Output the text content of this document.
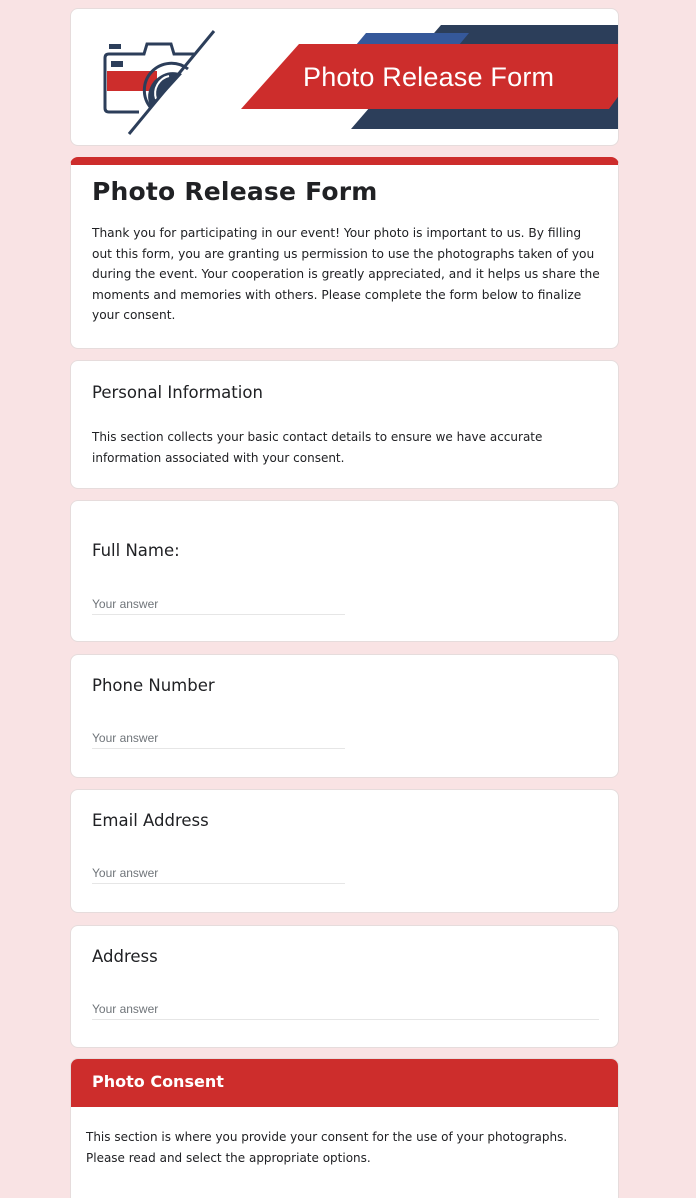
Photo Release Form
Photo Release Form

Thank you for participating in our event! Your photo is important to us. By filling out this form, you are granting us permission to use the photographs taken of you during the event. Your cooperation is greatly appreciated, and it helps us share the moments and memories with others. Please complete the form below to finalize your consent.

Personal Information

This section collects your basic contact details to ensure we have accurate information associated with your consent.

Full Name:
Your answer
Phone Number
Your answer
Email Address
Your answer
Address
Your answer
Photo Consent

This section is where you provide your consent for the use of your photographs. Please read and select the appropriate options.
